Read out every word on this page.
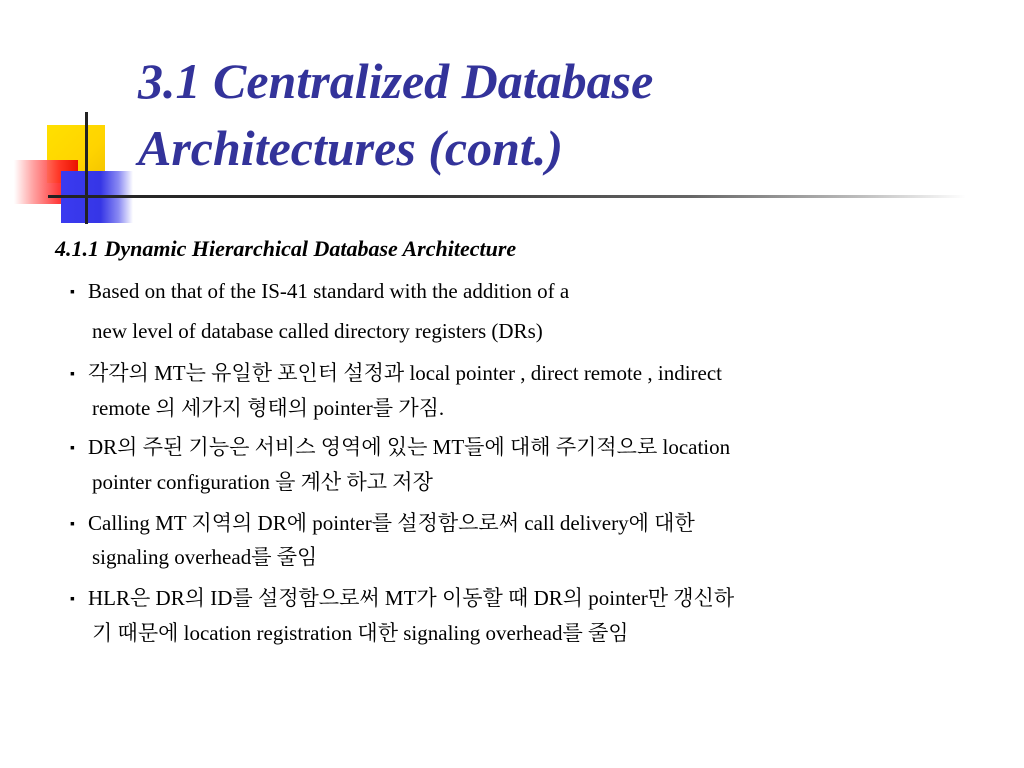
3.1 Centralized Database
Architectures (cont.)

4.1.1 Dynamic Hierarchical Database Architecture

▪ Based on that of the IS-41 standard with the addition of a

new level of database called directory registers (DRs)

▪ 각각의 MT는 유일한 포인터 설정과 local pointer , direct remote , indirect

remote 의 세가지 형태의 pointer를 가짐.

▪ DR의 주된 기능은 서비스 영역에 있는 MT들에 대해 주기적으로 location

pointer configuration 을 계산 하고 저장

▪ Calling MT 지역의 DR에 pointer를 설정함으로써 call delivery에 대한

signaling overhead를 줄임

▪ HLR은 DR의 ID를 설정함으로써 MT가 이동할 때 DR의 pointer만 갱신하

기 때문에 location registration 대한 signaling overhead를 줄임
